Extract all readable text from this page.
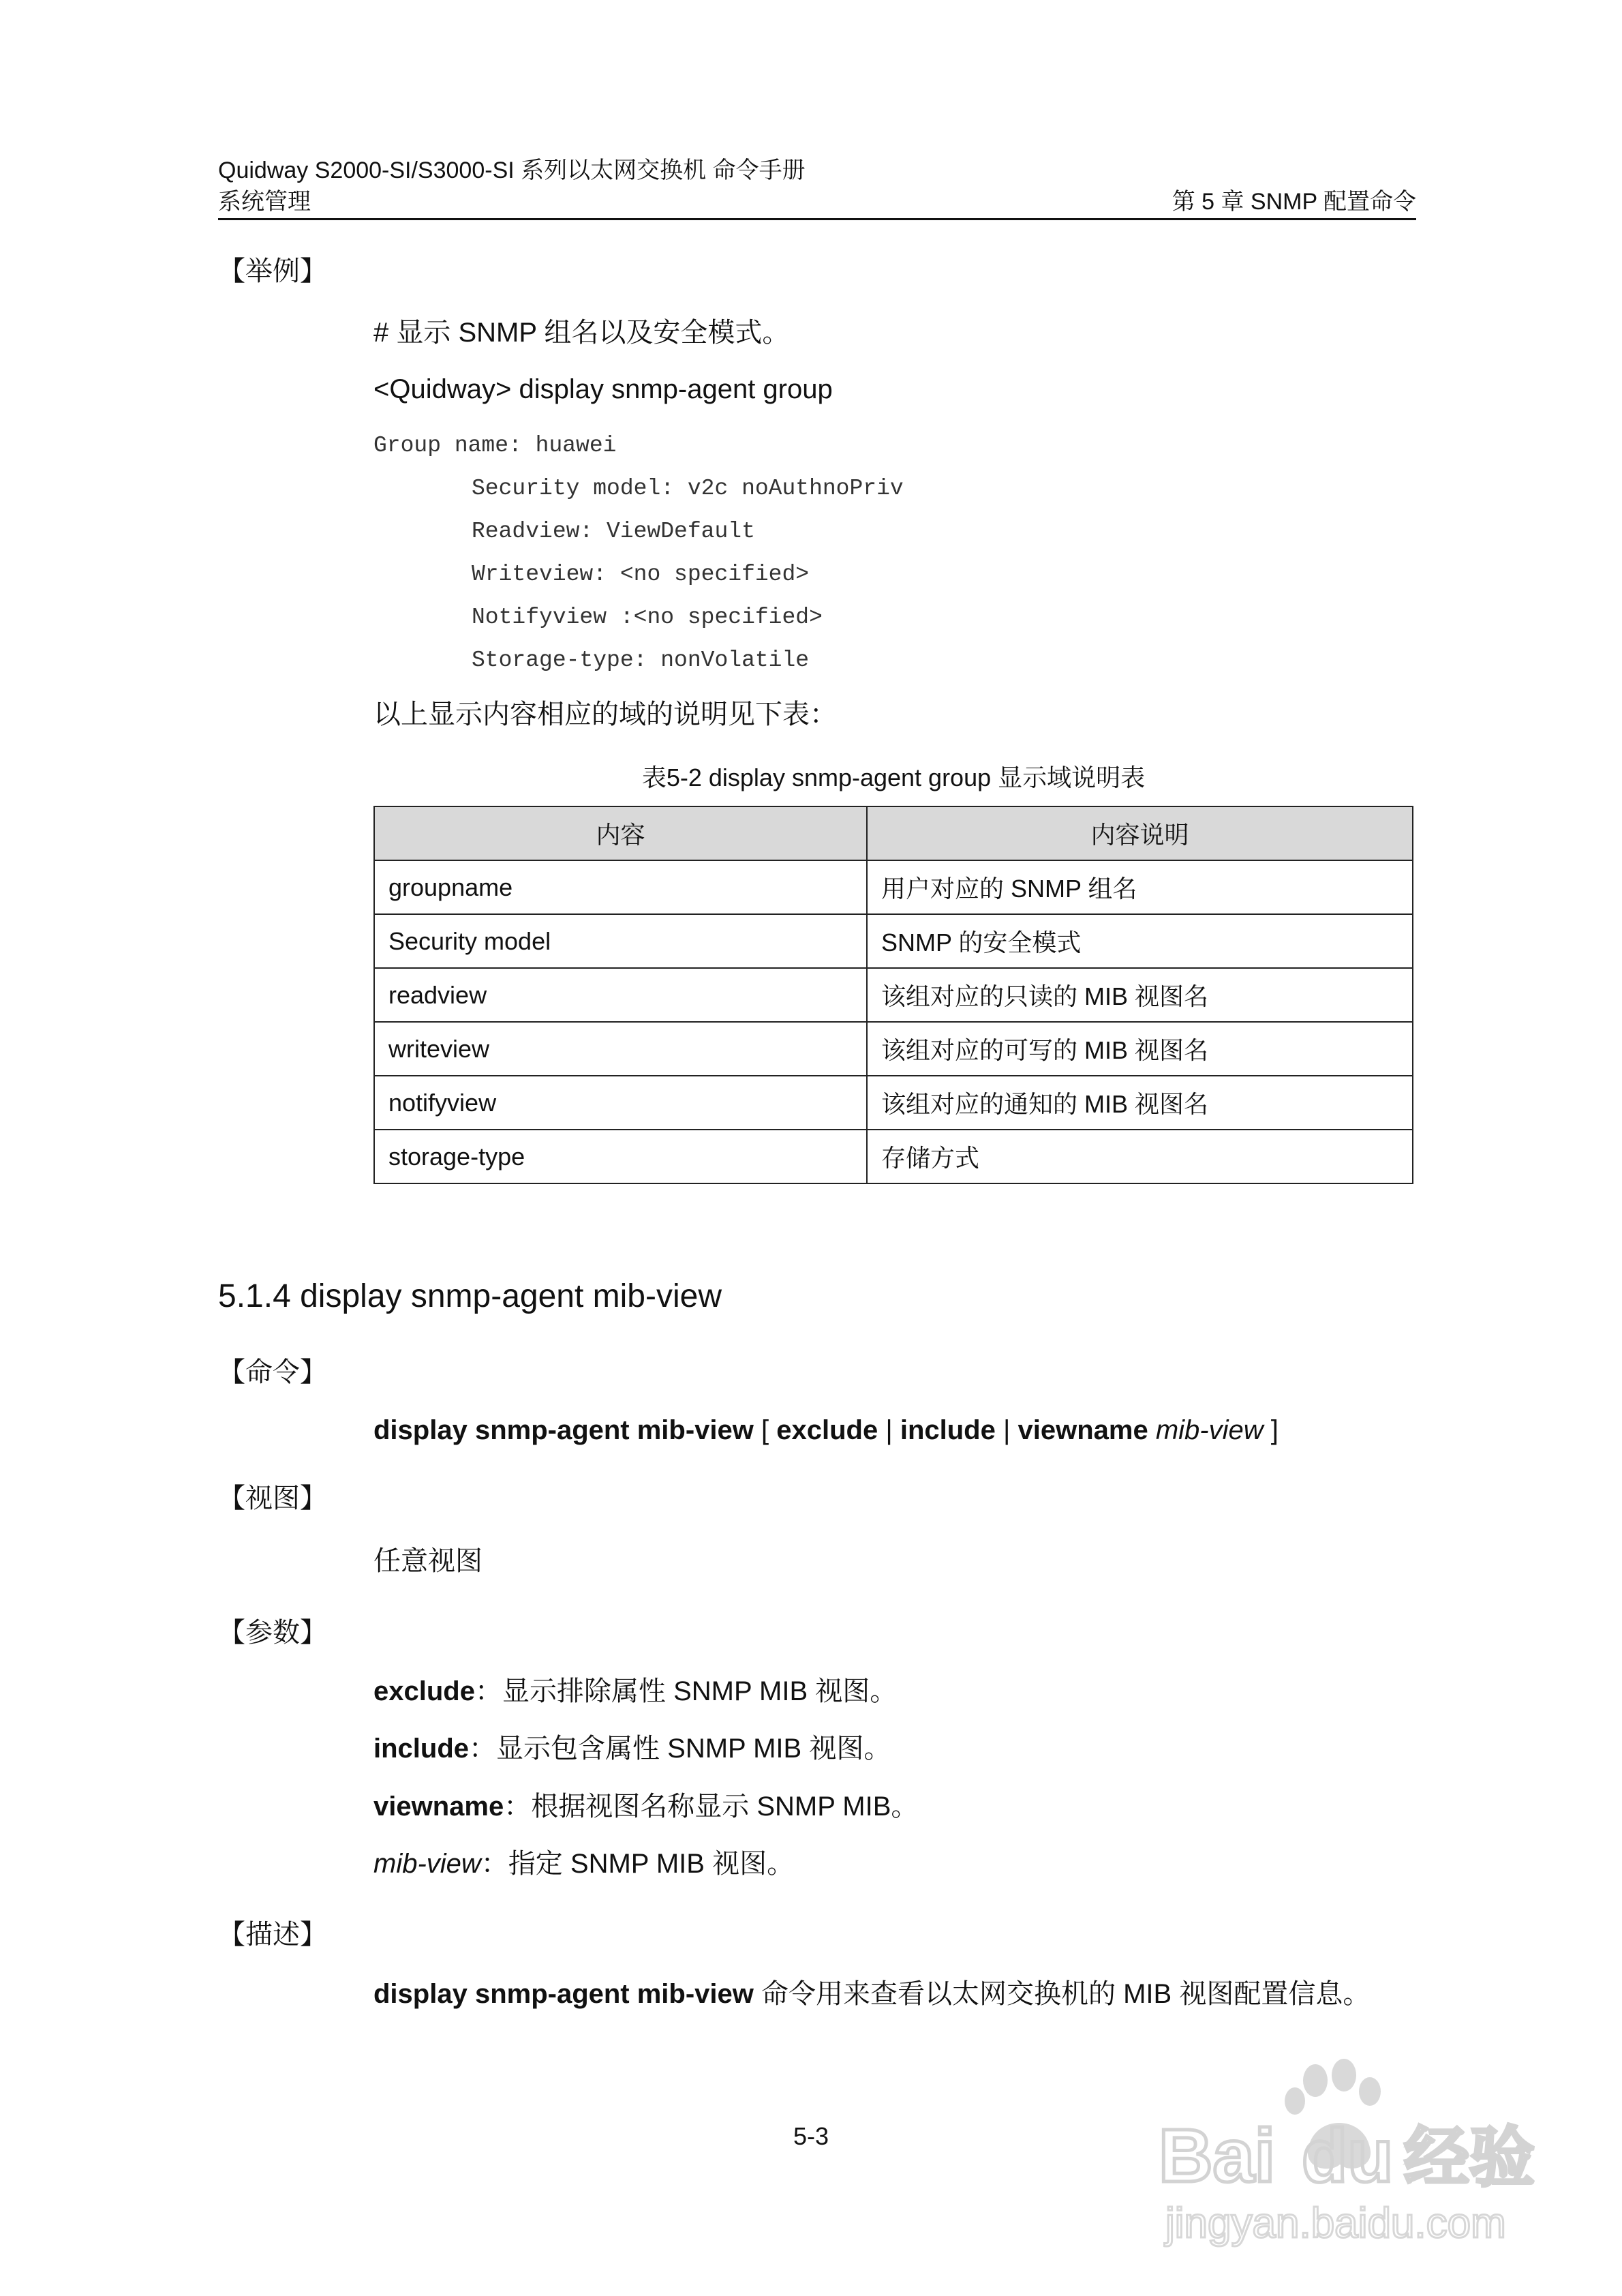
Quidway S2000-SI/S3000-SI 系列以太网交换机 命令手册
系统管理	第 5 章 SNMP 配置命令
【举例】
# 显示 SNMP 组名以及安全模式。
<Quidway> display snmp-agent group
Group name: huawei
Security model: v2c noAuthnoPriv
Readview: ViewDefault
Writeview: <no specified>
Notifyview :<no specified>
Storage-type: nonVolatile
以上显示内容相应的域的说明见下表：
表5-2 display snmp-agent group 显示域说明表
内容	内容说明
groupname	用户对应的 SNMP 组名
Security model	SNMP 的安全模式
readview	该组对应的只读的 MIB 视图名
writeview	该组对应的可写的 MIB 视图名
notifyview	该组对应的通知的 MIB 视图名
storage-type	存储方式
5.1.4 display snmp-agent mib-view
【命令】
display snmp-agent mib-view [ exclude | include | viewname mib-view ]
【视图】
任意视图
【参数】
exclude：显示排除属性 SNMP MIB 视图。
include：显示包含属性 SNMP MIB 视图。
viewname：根据视图名称显示 SNMP MIB。
mib-view：指定 SNMP MIB 视图。
【描述】
display snmp-agent mib-view 命令用来查看以太网交换机的 MIB 视图配置信息。
5-3	Bai du 经验
jingyan.baidu.com
